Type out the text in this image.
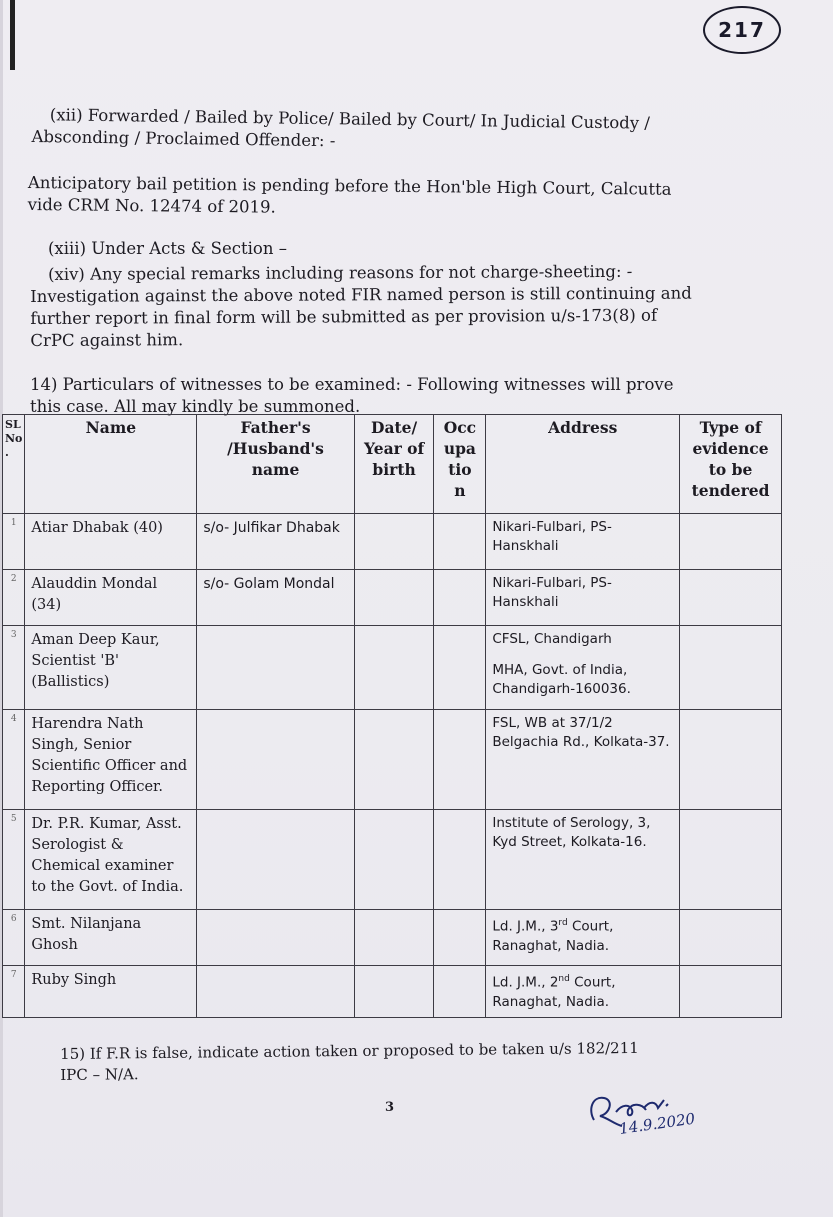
217
(xii) Forwarded / Bailed by Police/ Bailed by Court/ In Judicial Custody /
Absconding / Proclaimed Offender: -
Anticipatory bail petition is pending before the Hon'ble High Court, Calcutta
vide CRM No. 12474 of 2019.
(xiii) Under Acts & Section –
(xiv) Any special remarks including reasons for not charge-sheeting: -
Investigation against the above noted FIR named person is still continuing and
further report in final form will be submitted as per provision u/s-173(8) of
CrPC against him.
14) Particulars of witnesses to be examined: - Following witnesses will prove
this case. All may kindly be summoned.
SL No .	Name	Father's /Husband's name	Date/ Year of birth	Occ upa tio n	Address	Type of evidence to be tendered
1	Atiar Dhabak (40)	s/o- Julfikar Dhabak			Nikari-Fulbari, PS-Hanskhali	
2	Alauddin Mondal (34)	s/o- Golam Mondal			Nikari-Fulbari, PS-Hanskhali	
3	Aman Deep Kaur, Scientist 'B' (Ballistics)				CFSL, Chandigarh
MHA, Govt. of India, Chandigarh-160036.	

4	Harendra Nath Singh, Senior Scientific Officer and Reporting Officer.				FSL, WB at 37/1/2 Belgachia Rd., Kolkata-37.	
5	Dr. P.R. Kumar, Asst. Serologist & Chemical examiner to the Govt. of India.				Institute of Serology, 3, Kyd Street, Kolkata-16.	
6	Smt. Nilanjana Ghosh				Ld. J.M., 3rd Court, Ranaghat, Nadia.	
7	Ruby Singh				Ld. J.M., 2nd Court, Ranaghat, Nadia.	
15) If F.R is false, indicate action taken or proposed to be taken u/s 182/211
IPC – N/A.
3
14.9.2020
